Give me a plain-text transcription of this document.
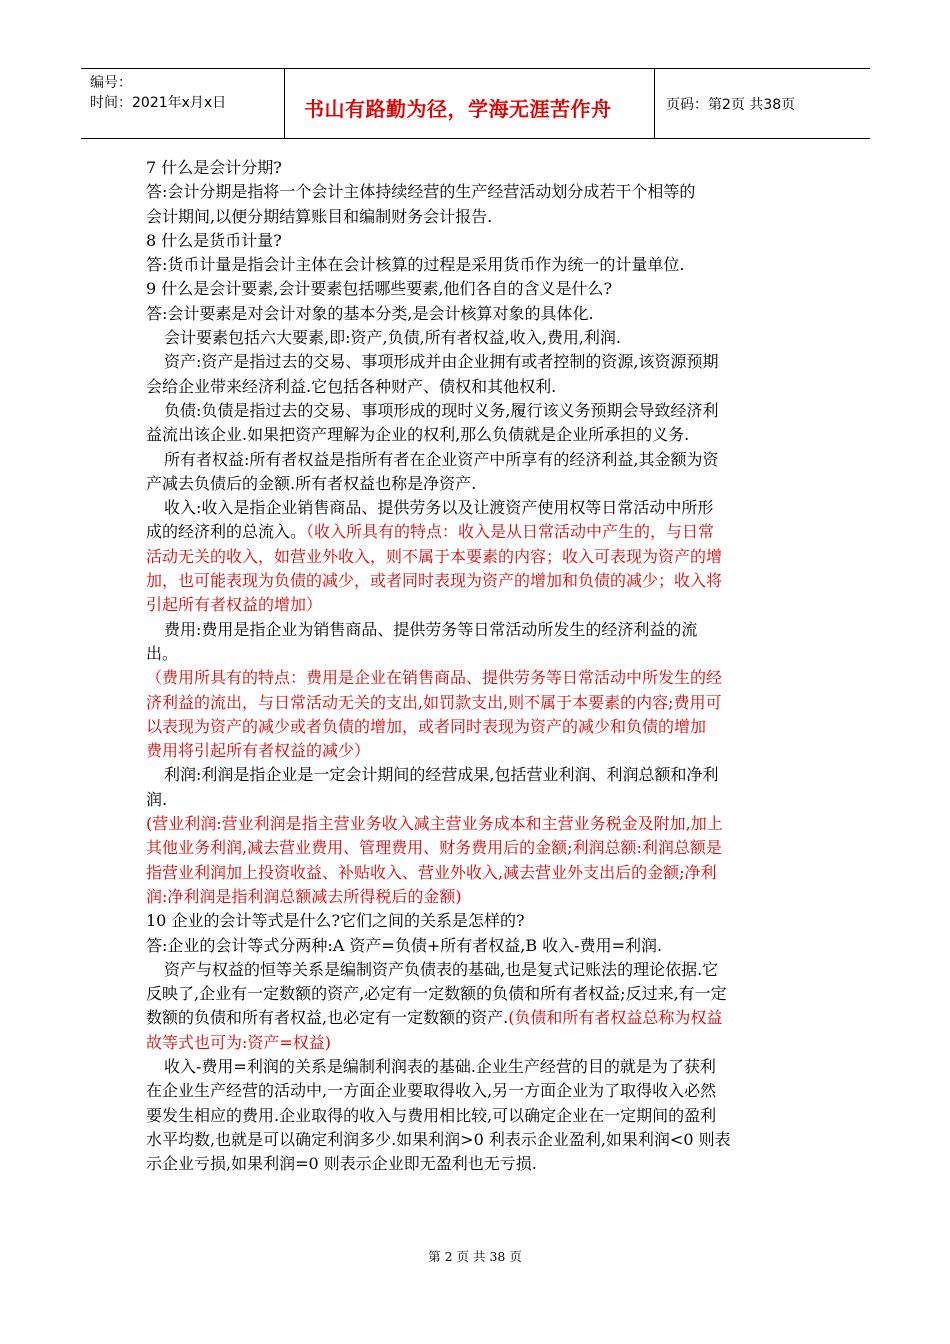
编号：
时间：2021年x月x日	书山有路勤为径，学海无涯苦作舟	页码：第2页 共38页
7 什么是会计分期?
答:会计分期是指将一个会计主体持续经营的生产经营活动划分成若干个相等的
会计期间,以便分期结算账目和编制财务会计报告.
8 什么是货币计量?
答:货币计量是指会计主体在会计核算的过程是采用货币作为统一的计量单位.
9 什么是会计要素,会计要素包括哪些要素,他们各自的含义是什么?
答:会计要素是对会计对象的基本分类,是会计核算对象的具体化.
会计要素包括六大要素,即:资产,负债,所有者权益,收入,费用,利润.
资产:资产是指过去的交易、事项形成并由企业拥有或者控制的资源,该资源预期
会给企业带来经济利益.它包括各种财产、债权和其他权利.
负债:负债是指过去的交易、事项形成的现时义务,履行该义务预期会导致经济利
益流出该企业.如果把资产理解为企业的权利,那么负债就是企业所承担的义务.
所有者权益:所有者权益是指所有者在企业资产中所享有的经济利益,其金额为资
产减去负债后的金额.所有者权益也称是净资产.
收入:收入是指企业销售商品、提供劳务以及让渡资产使用权等日常活动中所形
成的经济利的总流入。（收入所具有的特点：收入是从日常活动中产生的，与日常
活动无关的收入，如营业外收入，则不属于本要素的内容；收入可表现为资产的增
加，也可能表现为负债的减少，或者同时表现为资产的增加和负债的减少；收入将
引起所有者权益的增加）
费用:费用是指企业为销售商品、提供劳务等日常活动所发生的经济利益的流
出。
（费用所具有的特点：费用是企业在销售商品、提供劳务等日常活动中所发生的经
济利益的流出，与日常活动无关的支出,如罚款支出,则不属于本要素的内容;费用可
以表现为资产的减少或者负债的增加，或者同时表现为资产的减少和负债的增加
费用将引起所有者权益的减少）
利润:利润是指企业是一定会计期间的经营成果,包括营业利润、利润总额和净利
润.
(营业利润:营业利润是指主营业务收入减主营业务成本和主营业务税金及附加,加上
其他业务利润,减去营业费用、管理费用、财务费用后的金额;利润总额:利润总额是
指营业利润加上投资收益、补贴收入、营业外收入,减去营业外支出后的金额;净利
润:净利润是指利润总额减去所得税后的金额)
10 企业的会计等式是什么?它们之间的关系是怎样的?
答:企业的会计等式分两种:A 资产=负债+所有者权益,B 收入-费用=利润.
资产与权益的恒等关系是编制资产负债表的基础,也是复式记账法的理论依据.它
反映了,企业有一定数额的资产,必定有一定数额的负债和所有者权益;反过来,有一定
数额的负债和所有者权益,也必定有一定数额的资产.(负债和所有者权益总称为权益
故等式也可为:资产=权益)
收入-费用=利润的关系是编制利润表的基础.企业生产经营的目的就是为了获利
在企业生产经营的活动中,一方面企业要取得收入,另一方面企业为了取得收入必然
要发生相应的费用.企业取得的收入与费用相比较,可以确定企业在一定期间的盈利
水平均数,也就是可以确定利润多少.如果利润>0 利表示企业盈利,如果利润<0 则表
示企业亏损,如果利润=0 则表示企业即无盈利也无亏损.
第 2 页 共 38 页
